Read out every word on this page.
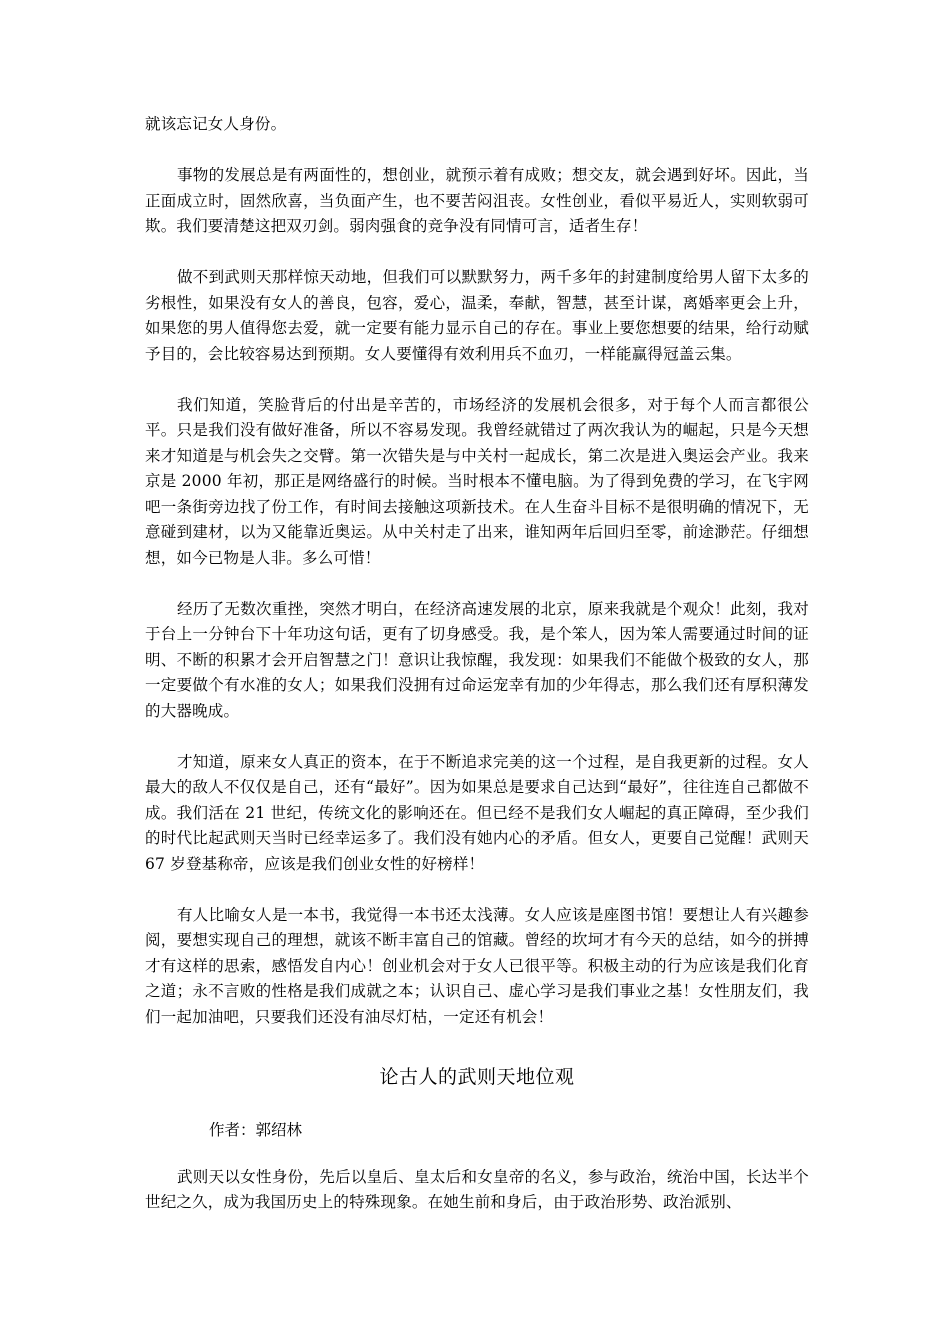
就该忘记女人身份。

事物的发展总是有两面性的，想创业，就预示着有成败；想交友，就会遇到好坏。因此，当正面成立时，固然欣喜，当负面产生，也不要苦闷沮丧。女性创业，看似平易近人，实则软弱可欺。我们要清楚这把双刃剑。弱肉强食的竞争没有同情可言，适者生存！

做不到武则天那样惊天动地，但我们可以默默努力，两千多年的封建制度给男人留下太多的劣根性，如果没有女人的善良，包容，爱心，温柔，奉献，智慧，甚至计谋，离婚率更会上升，如果您的男人值得您去爱，就一定要有能力显示自己的存在。事业上要您想要的结果，给行动赋予目的，会比较容易达到预期。女人要懂得有效利用兵不血刃，一样能赢得冠盖云集。

我们知道，笑脸背后的付出是辛苦的，市场经济的发展机会很多，对于每个人而言都很公平。只是我们没有做好准备，所以不容易发现。我曾经就错过了两次我认为的崛起，只是今天想来才知道是与机会失之交臂。第一次错失是与中关村一起成长，第二次是进入奥运会产业。我来京是 2000 年初，那正是网络盛行的时候。当时根本不懂电脑。为了得到免费的学习，在飞宇网吧一条街旁边找了份工作，有时间去接触这项新技术。在人生奋斗目标不是很明确的情况下，无意碰到建材，以为又能靠近奥运。从中关村走了出来，谁知两年后回归至零，前途渺茫。仔细想想，如今已物是人非。多么可惜！

经历了无数次重挫，突然才明白，在经济高速发展的北京，原来我就是个观众！此刻，我对于台上一分钟台下十年功这句话，更有了切身感受。我，是个笨人，因为笨人需要通过时间的证明、不断的积累才会开启智慧之门！意识让我惊醒，我发现：如果我们不能做个极致的女人，那一定要做个有水准的女人；如果我们没拥有过命运宠幸有加的少年得志，那么我们还有厚积薄发的大器晚成。

才知道，原来女人真正的资本，在于不断追求完美的这一个过程，是自我更新的过程。女人最大的敌人不仅仅是自己，还有“最好”。因为如果总是要求自己达到“最好”，往往连自己都做不成。我们活在 21 世纪，传统文化的影响还在。但已经不是我们女人崛起的真正障碍，至少我们的时代比起武则天当时已经幸运多了。我们没有她内心的矛盾。但女人，更要自己觉醒！武则天 67 岁登基称帝，应该是我们创业女性的好榜样！

有人比喻女人是一本书，我觉得一本书还太浅薄。女人应该是座图书馆！要想让人有兴趣参阅，要想实现自己的理想，就该不断丰富自己的馆藏。曾经的坎坷才有今天的总结，如今的拼搏才有这样的思索，感悟发自内心！创业机会对于女人已很平等。积极主动的行为应该是我们化育之道；永不言败的性格是我们成就之本；认识自己、虚心学习是我们事业之基！女性朋友们，我们一起加油吧，只要我们还没有油尽灯枯，一定还有机会！

论古人的武则天地位观
作者：郭绍林

武则天以女性身份，先后以皇后、皇太后和女皇帝的名义，参与政治，统治中国，长达半个世纪之久，成为我国历史上的特殊现象。在她生前和身后，由于政治形势、政治派别、
